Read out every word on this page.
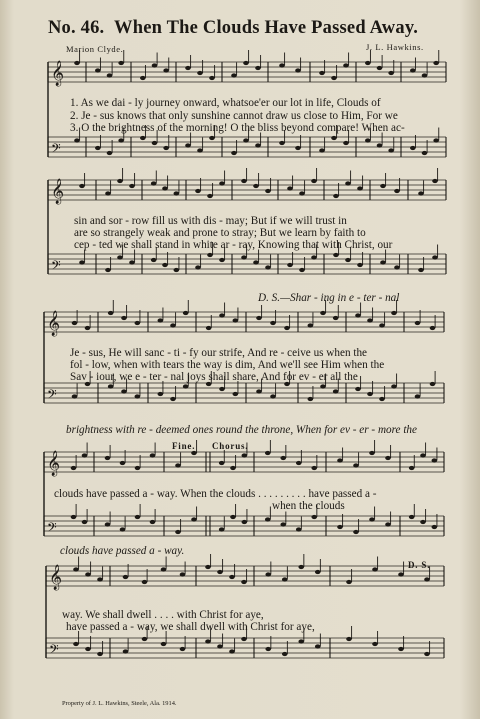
No. 46. When The Clouds Have Passed Away.
Marion Clyde.	J. L. Hawkins.
𝄞
𝄢
𝄞
𝄢
𝄞
𝄢
𝄞
𝄢
𝄞
𝄢
1. As we dai - ly journey onward, whatsoe'er our lot in life, Clouds of
2. Je - sus knows that only sunshine cannot draw us close to Him, For we
3. O the brightness of the morning! O the bliss beyond compare! When ac-
sin and sor - row fill us with dis - may; But if we will trust in
are so strangely weak and prone to stray; But we learn by faith to
cep - ted we shall stand in white ar - ray, Knowing that with Christ, our
D. S.—Shar - ing in e - ter - nal
Je - sus, He will sanc - ti - fy our strife, And re - ceive us when the
fol - low, when with tears the way is dim, And we'll see Him when the
Sav - iour, we e - ter - nal joys shall share, And for ev - er all the
brightness with re - deemed ones round the throne, When for ev - er - more the
Fine. Chorus.
clouds have passed a - way. When the clouds . . . . . . . . . have passed a -
when the clouds
clouds have passed a - way.
D. S.
way. We shall dwell . . . . with Christ for aye,
have passed a - way, we shall dwell with Christ for aye,
Property of J. L. Hawkins, Steele, Ala. 1914.
